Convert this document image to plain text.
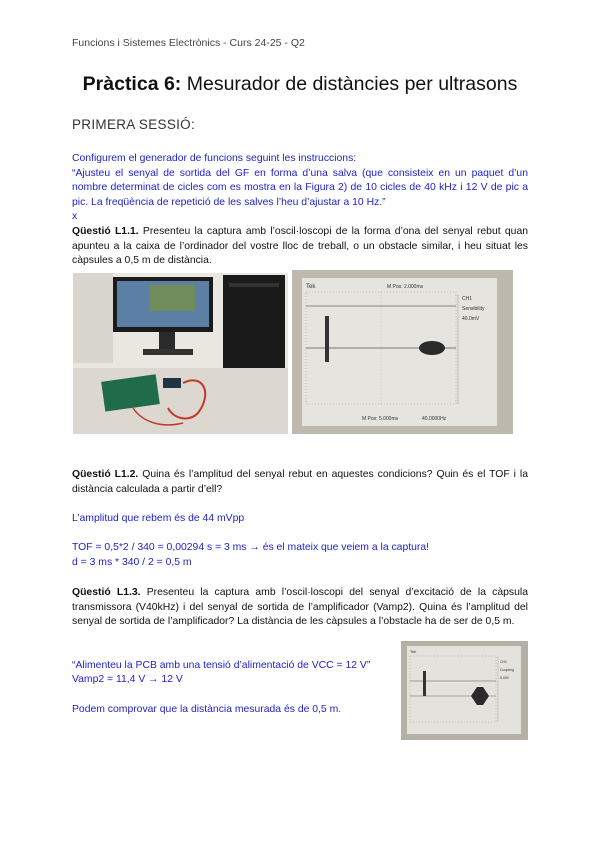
Funcions i Sistemes Electrònics - Curs 24-25 - Q2
Pràctica 6: Mesurador de distàncies per ultrasons
PRIMERA SESSIÓ:
Configurem el generador de funcions seguint les instruccions:
“Ajusteu el senyal de sortida del GF en forma d’una salva (que consisteix en un paquet d’un nombre determinat de cicles com es mostra en la Figura 2) de 10 cicles de 40 kHz i 12 V de pic a pic. La freqüència de repetició de les salves l’heu d’ajustar a 10 Hz.”
x
Qüestió L1.1. Presenteu la captura amb l’oscil·loscopi de la forma d’ona del senyal rebut quan apunteu a la caixa de l’ordinador del vostre lloc de treball, o un obstacle similar, i heu situat les càpsules a 0,5 m de distància.
Tek	M Pos: 2.000ms
CH1
Sensibility
40.0mV
M Pos: 5.000ms	40.0000Hz
Qüestió L1.2. Quina és l’amplitud del senyal rebut en aquestes condicions? Quin és el TOF i la distància calculada a partir d’ell?
L’amplitud que rebem és de 44 mVpp
TOF = 0,5*2 / 340 = 0,00294 s = 3 ms → és el mateix que veiem a la captura!
d = 3 ms * 340 / 2 = 0,5 m
Qüestió L1.3. Presenteu la captura amb l’oscil·loscopi del senyal d’excitació de la càpsula transmissora (V40kHz) i del senyal de sortida de l’amplificador (Vamp2). Quina és l’amplitud del senyal de sortida de l’amplificador? La distància de les càpsules a l’obstacle ha de ser de 0,5 m.
“Alimenteu la PCB amb una tensió d’alimentació de VCC = 12 V”
Vamp2 = 11,4 V → 12 V
Podem comprovar que la distància mesurada és de 0,5 m.
Tek
CH1
Coupling
5.00V
